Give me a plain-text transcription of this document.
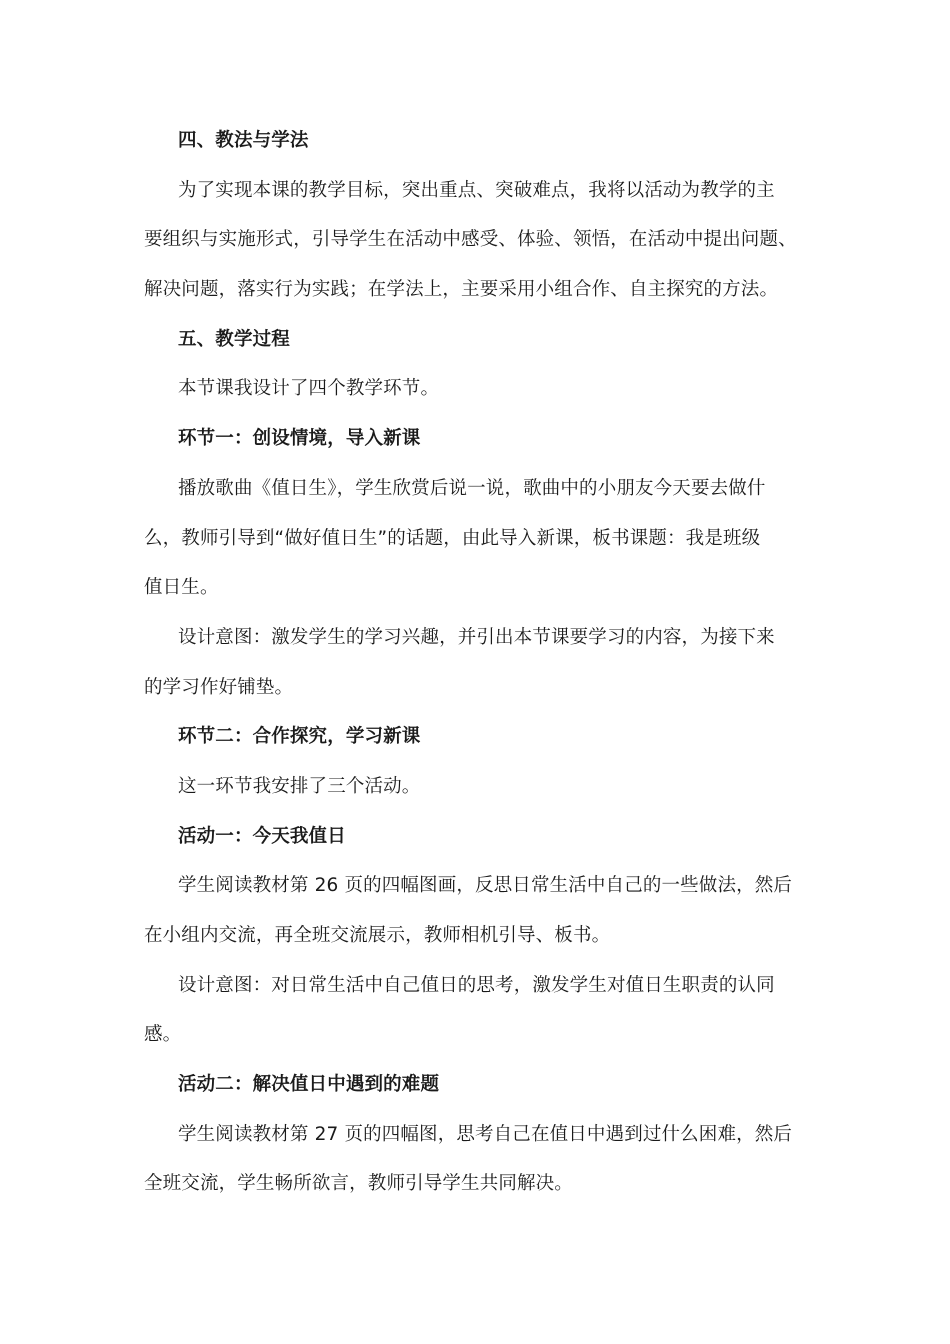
四、教法与学法
为了实现本课的教学目标，突出重点、突破难点，我将以活动为教学的主
要组织与实施形式，引导学生在活动中感受、体验、领悟，在活动中提出问题、
解决问题，落实行为实践；在学法上，主要采用小组合作、自主探究的方法。
五、教学过程
本节课我设计了四个教学环节。
环节一：创设情境，导入新课
播放歌曲《值日生》，学生欣赏后说一说，歌曲中的小朋友今天要去做什
么，教师引导到“做好值日生”的话题，由此导入新课，板书课题：我是班级
值日生。
设计意图：激发学生的学习兴趣，并引出本节课要学习的内容，为接下来
的学习作好铺垫。
环节二：合作探究，学习新课
这一环节我安排了三个活动。
活动一：今天我值日
学生阅读教材第 26 页的四幅图画，反思日常生活中自己的一些做法，然后
在小组内交流，再全班交流展示，教师相机引导、板书。
设计意图：对日常生活中自己值日的思考，激发学生对值日生职责的认同
感。
活动二：解决值日中遇到的难题
学生阅读教材第 27 页的四幅图，思考自己在值日中遇到过什么困难，然后
全班交流，学生畅所欲言，教师引导学生共同解决。
